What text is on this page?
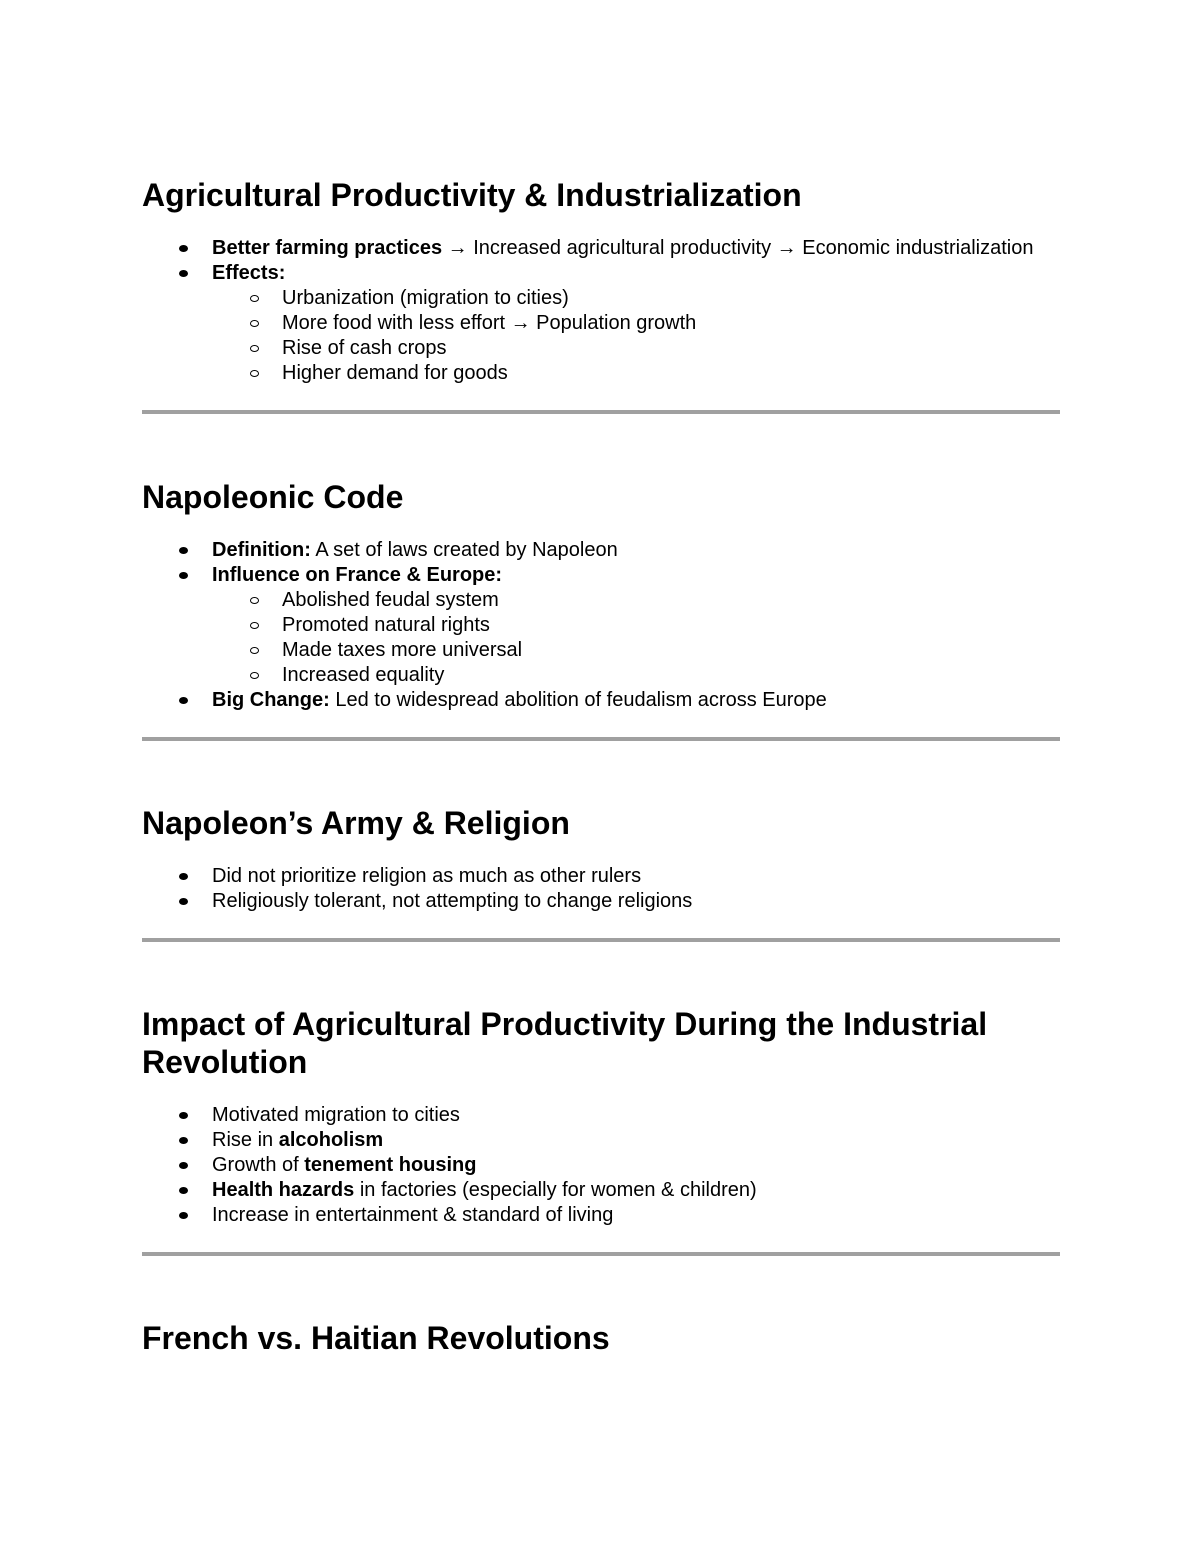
Agricultural Productivity & Industrialization
Better farming practices → Increased agricultural productivity → Economic industrialization
Effects:
Urbanization (migration to cities)
More food with less effort → Population growth
Rise of cash crops
Higher demand for goods
Napoleonic Code
Definition: A set of laws created by Napoleon
Influence on France & Europe:
Abolished feudal system
Promoted natural rights
Made taxes more universal
Increased equality
Big Change: Led to widespread abolition of feudalism across Europe
Napoleon’s Army & Religion
Did not prioritize religion as much as other rulers
Religiously tolerant, not attempting to change religions
Impact of Agricultural Productivity During the Industrial Revolution
Motivated migration to cities
Rise in alcoholism
Growth of tenement housing
Health hazards in factories (especially for women & children)
Increase in entertainment & standard of living
French vs. Haitian Revolutions
